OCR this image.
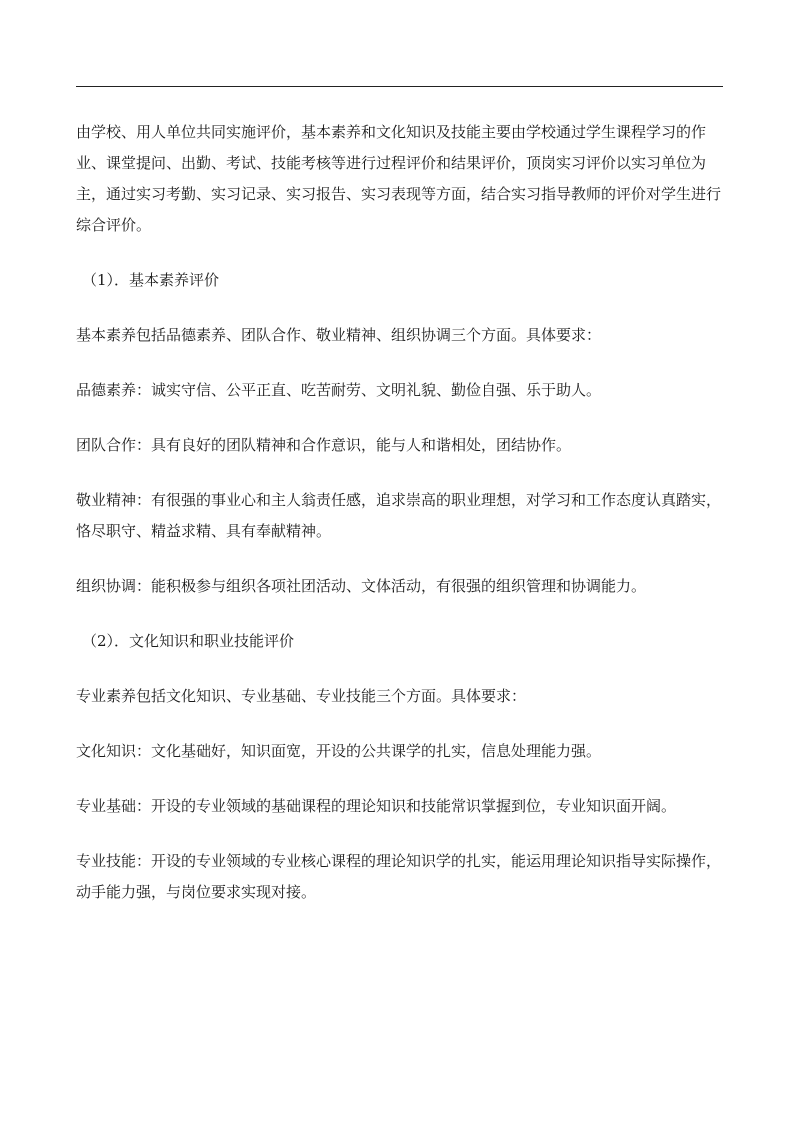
由学校、用人单位共同实施评价，基本素养和文化知识及技能主要由学校通过学生课程学习的作业、课堂提问、出勤、考试、技能考核等进行过程评价和结果评价，顶岗实习评价以实习单位为主，通过实习考勤、实习记录、实习报告、实习表现等方面，结合实习指导教师的评价对学生进行综合评价。

（1）．基本素养评价

基本素养包括品德素养、团队合作、敬业精神、组织协调三个方面。具体要求：

品德素养：诚实守信、公平正直、吃苦耐劳、文明礼貌、勤俭自强、乐于助人。

团队合作：具有良好的团队精神和合作意识，能与人和谐相处，团结协作。

敬业精神：有很强的事业心和主人翁责任感，追求崇高的职业理想，对学习和工作态度认真踏实，恪尽职守、精益求精、具有奉献精神。

组织协调：能积极参与组织各项社团活动、文体活动，有很强的组织管理和协调能力。

（2）．文化知识和职业技能评价

专业素养包括文化知识、专业基础、专业技能三个方面。具体要求：

文化知识：文化基础好，知识面宽，开设的公共课学的扎实，信息处理能力强。

专业基础：开设的专业领域的基础课程的理论知识和技能常识掌握到位，专业知识面开阔。

专业技能：开设的专业领域的专业核心课程的理论知识学的扎实，能运用理论知识指导实际操作，动手能力强，与岗位要求实现对接。
